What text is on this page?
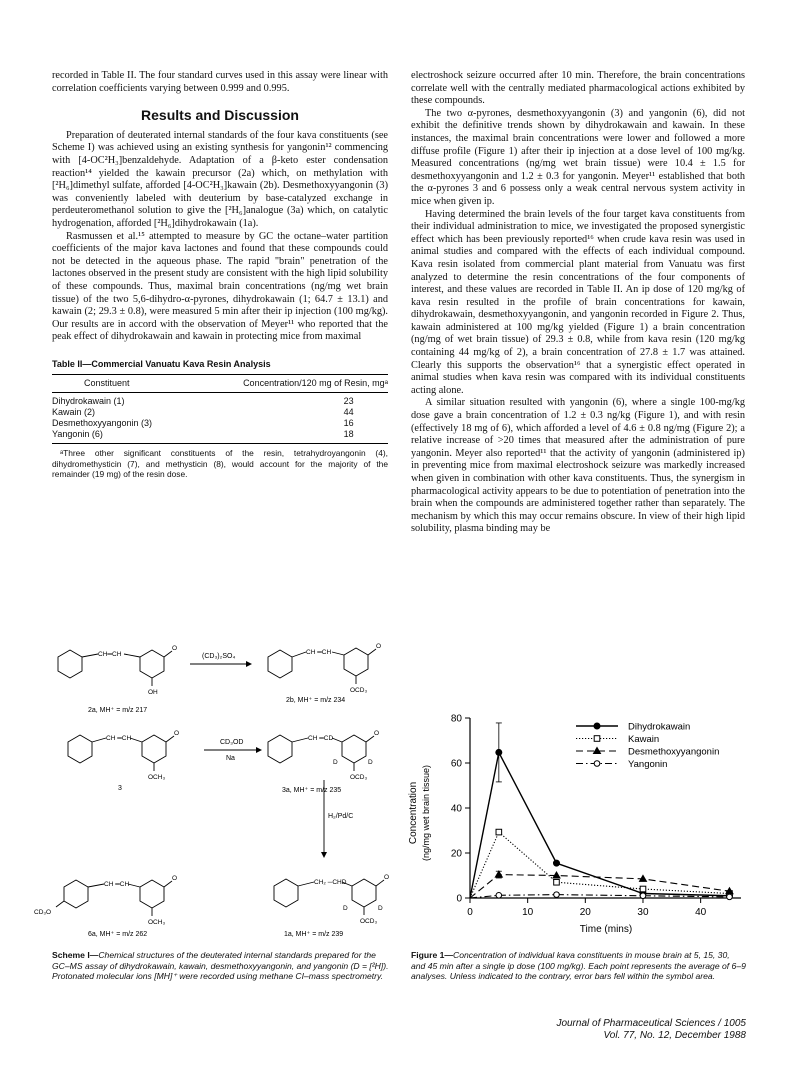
recorded in Table II. The four standard curves used in this assay were linear with correlation coefficients varying between 0.999 and 0.995.

Results and Discussion

Preparation of deuterated internal standards of the four kava constituents (see Scheme I) was achieved using an existing synthesis for yangonin¹² commencing with [4-OC²H₃]benzaldehyde. Adaptation of a β-keto ester condensation reaction¹⁴ yielded the kawain precursor (2a) which, on methylation with [²H₆]dimethyl sulfate, afforded [4-OC²H₃]kawain (2b). Desmethoxyyangonin (3) was conveniently labeled with deuterium by base-catalyzed exchange in perdeuteromethanol solution to give the [²H₆]analogue (3a) which, on catalytic hydrogenation, afforded [²H₆]dihydrokawain (1a).

Rasmussen et al.¹⁵ attempted to measure by GC the octane–water partition coefficients of the major kava lactones and found that these compounds could not be detected in the aqueous phase. The rapid "brain" penetration of the lactones observed in the present study are consistent with the high lipid solubility of these compounds. Thus, maximal brain concentrations (ng/mg wet brain tissue) of the two 5,6-dihydro-α-pyrones, dihydrokawain (1; 64.7 ± 13.1) and kawain (2; 29.3 ± 0.8), were measured 5 min after their ip injection (100 mg/kg). Our results are in accord with the observation of Meyer¹¹ who reported that the peak effect of dihydrokawain and kawain in protecting mice from maximal

Table II—Commercial Vanuatu Kava Resin Analysis
Constituent	Concentration/120 mg of Resin, mgᵃ
Dihydrokawain (1)	23
Kawain (2)	44
Desmethoxyyangonin (3)	16
Yangonin (6)	18

ᵃThree other significant constituents of the resin, tetrahydroyangonin (4), dihydromethysticin (7), and methysticin (8), would account for the majority of the remainder (19 mg) of the resin dose.

CH═CH
O
OH
CH ═CH
O
OCD₃
CH ═CH
O
OCH₃
CH ═CD
O
D	D
OCD₃
CH ═CH
O
CD₃O
OCH₃
CH₂ ─CHD
O
D	D
OCD₃
(CD₃)₂SO₄
CD₃OD
Na
H₂/Pd/C
2a, MH⁺ = m/z 217
2b, MH⁺ = m/z 234
3	3a, MH⁺ = m/z 235
6a, MH⁺ = m/z 262	1a, MH⁺ = m/z 239
Scheme I—Chemical structures of the deuterated internal standards prepared for the GC–MS assay of dihydrokawain, kawain, desmethoxyyangonin, and yangonin (D = [²H]). Protonated molecular ions [MH]⁺ were recorded using methane CI–mass spectrometry.

electroshock seizure occurred after 10 min. Therefore, the brain concentrations correlate well with the centrally mediated pharmacological actions exhibited by these compounds.

The two α-pyrones, desmethoxyyangonin (3) and yangonin (6), did not exhibit the definitive trends shown by dihydrokawain and kawain. In these instances, the maximal brain concentrations were lower and followed a more diffuse profile (Figure 1) after their ip injection at a dose level of 100 mg/kg. Measured concentrations (ng/mg wet brain tissue) were 10.4 ± 1.5 for desmethoxyyangonin and 1.2 ± 0.3 for yangonin. Meyer¹¹ established that both the α-pyrones 3 and 6 possess only a weak central nervous system activity in mice when given ip.

Having determined the brain levels of the four target kava constituents from their individual administration to mice, we investigated the proposed synergistic effect which has been previously reported¹⁶ when crude kava resin was used in animal studies and compared with the effects of each individual compound. Kava resin isolated from commercial plant material from Vanuatu was first analyzed to determine the resin concentrations of the four components of interest, and these values are recorded in Table II. An ip dose of 120 mg/kg of kava resin resulted in the profile of brain concentrations for kawain, dihydrokawain, desmethoxyyangonin, and yangonin recorded in Figure 2. Thus, kawain administered at 100 mg/kg yielded (Figure 1) a brain concentration (ng/mg of wet brain tissue) of 29.3 ± 0.8, while from kava resin (120 mg/kg containing 44 mg/kg of 2), a brain concentration of 27.8 ± 1.7 was attained. Clearly this supports the observation¹⁶ that a synergistic effect operated in animal studies when kava resin was compared with its individual constituents acting alone.

A similar situation resulted with yangonin (6), where a single 100-mg/kg dose gave a brain concentration of 1.2 ± 0.3 ng/kg (Figure 1), and with resin (effectively 18 mg of 6), which afforded a level of 4.6 ± 0.8 ng/mg (Figure 2); a relative increase of >20 times that measured after the administration of pure yangonin. Meyer also reported¹¹ that the activity of yangonin (administered ip) in preventing mice from maximal electroshock seizure was markedly increased when given in combination with other kava constituents. Thus, the synergism in pharmacological activity appears to be due to potentiation of penetration into the brain when the compounds are administered together rather than separately. The mechanism by which this may occur remains obscure. In view of their high lipid solubility, plasma binding may be

0
20
40
60
80
0	10	20	30	40
Time (mins)
Concentration (ng/mg wet brain tissue)
Dihydrokawain
Kawain
Desmethoxyyangonin
Yangonin
Figure 1—Concentration of individual kava constituents in mouse brain at 5, 15, 30, and 45 min after a single ip dose (100 mg/kg). Each point represents the average of 6–9 analyses. Unless indicated to the contrary, error bars fell within the symbol area.
Journal of Pharmaceutical Sciences / 1005
Vol. 77, No. 12, December 1988
